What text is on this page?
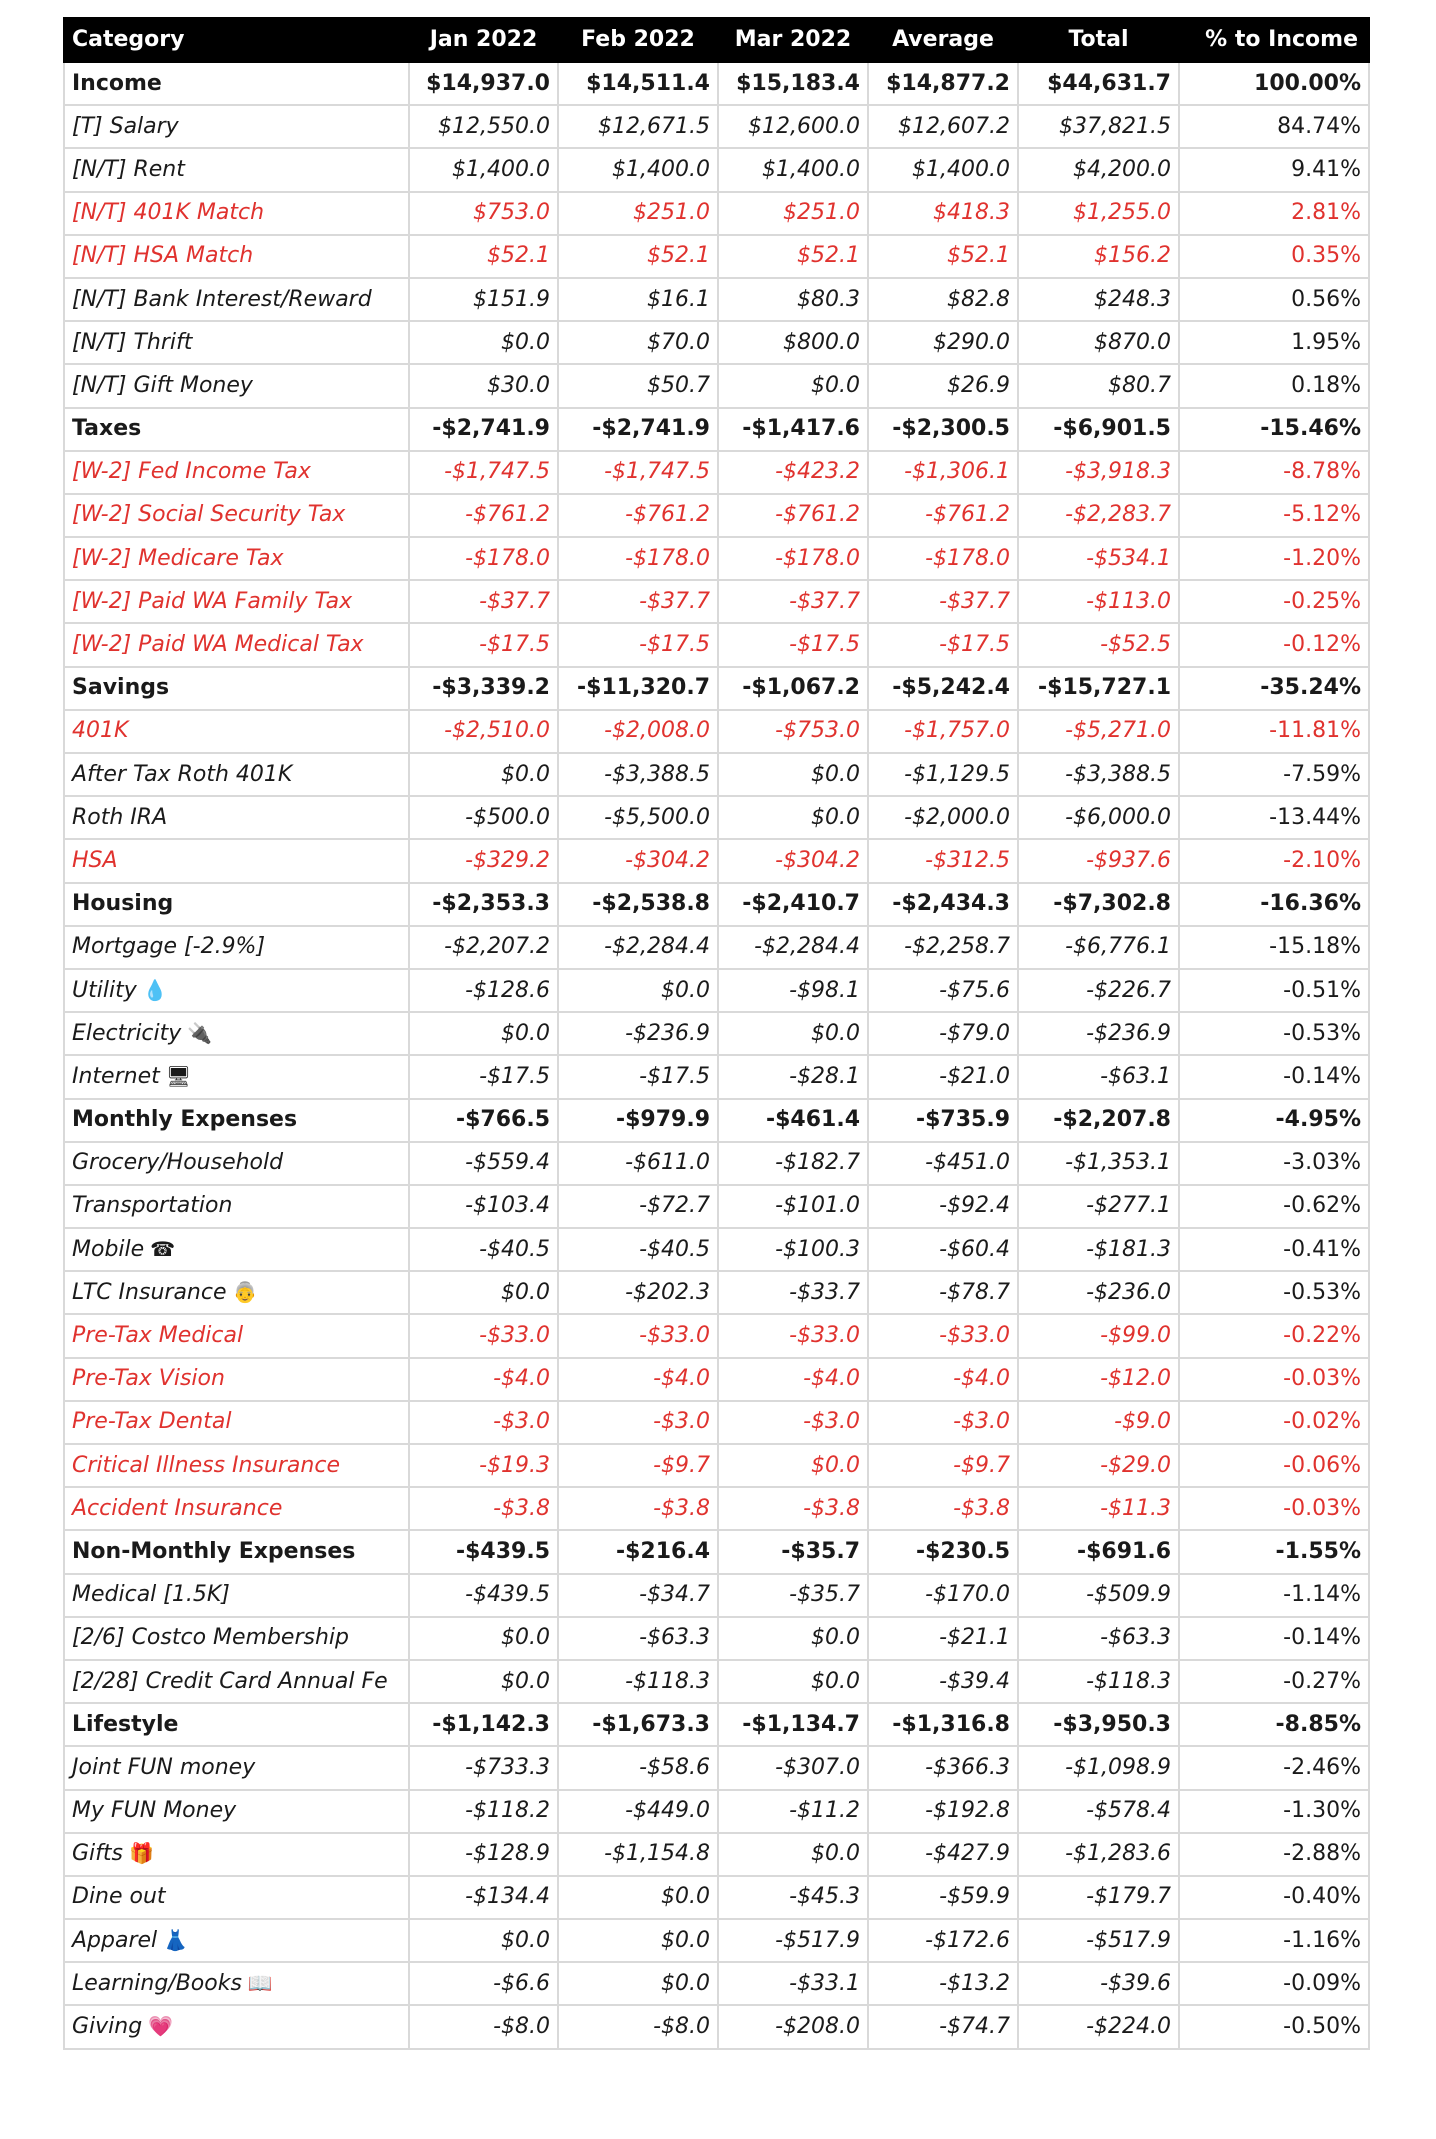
Category	Jan 2022	Feb 2022	Mar 2022	Average	Total	% to Income
Income	$14,937.0	$14,511.4	$15,183.4	$14,877.2	$44,631.7	100.00%
[T] Salary	$12,550.0	$12,671.5	$12,600.0	$12,607.2	$37,821.5	84.74%
[N/T] Rent	$1,400.0	$1,400.0	$1,400.0	$1,400.0	$4,200.0	9.41%
[N/T] 401K Match	$753.0	$251.0	$251.0	$418.3	$1,255.0	2.81%
[N/T] HSA Match	$52.1	$52.1	$52.1	$52.1	$156.2	0.35%
[N/T] Bank Interest/Reward	$151.9	$16.1	$80.3	$82.8	$248.3	0.56%
[N/T] Thrift	$0.0	$70.0	$800.0	$290.0	$870.0	1.95%
[N/T] Gift Money	$30.0	$50.7	$0.0	$26.9	$80.7	0.18%
Taxes	-$2,741.9	-$2,741.9	-$1,417.6	-$2,300.5	-$6,901.5	-15.46%
[W-2] Fed Income Tax	-$1,747.5	-$1,747.5	-$423.2	-$1,306.1	-$3,918.3	-8.78%
[W-2] Social Security Tax	-$761.2	-$761.2	-$761.2	-$761.2	-$2,283.7	-5.12%
[W-2] Medicare Tax	-$178.0	-$178.0	-$178.0	-$178.0	-$534.1	-1.20%
[W-2] Paid WA Family Tax	-$37.7	-$37.7	-$37.7	-$37.7	-$113.0	-0.25%
[W-2] Paid WA Medical Tax	-$17.5	-$17.5	-$17.5	-$17.5	-$52.5	-0.12%
Savings	-$3,339.2	-$11,320.7	-$1,067.2	-$5,242.4	-$15,727.1	-35.24%
401K	-$2,510.0	-$2,008.0	-$753.0	-$1,757.0	-$5,271.0	-11.81%
After Tax Roth 401K	$0.0	-$3,388.5	$0.0	-$1,129.5	-$3,388.5	-7.59%
Roth IRA	-$500.0	-$5,500.0	$0.0	-$2,000.0	-$6,000.0	-13.44%
HSA	-$329.2	-$304.2	-$304.2	-$312.5	-$937.6	-2.10%
Housing	-$2,353.3	-$2,538.8	-$2,410.7	-$2,434.3	-$7,302.8	-16.36%
Mortgage [-2.9%]	-$2,207.2	-$2,284.4	-$2,284.4	-$2,258.7	-$6,776.1	-15.18%
Utility 💧	-$128.6	$0.0	-$98.1	-$75.6	-$226.7	-0.51%
Electricity 🔌	$0.0	-$236.9	$0.0	-$79.0	-$236.9	-0.53%
Internet 🖥	-$17.5	-$17.5	-$28.1	-$21.0	-$63.1	-0.14%
Monthly Expenses	-$766.5	-$979.9	-$461.4	-$735.9	-$2,207.8	-4.95%
Grocery/Household	-$559.4	-$611.0	-$182.7	-$451.0	-$1,353.1	-3.03%
Transportation	-$103.4	-$72.7	-$101.0	-$92.4	-$277.1	-0.62%
Mobile ☎	-$40.5	-$40.5	-$100.3	-$60.4	-$181.3	-0.41%
LTC Insurance 👵	$0.0	-$202.3	-$33.7	-$78.7	-$236.0	-0.53%
Pre-Tax Medical	-$33.0	-$33.0	-$33.0	-$33.0	-$99.0	-0.22%
Pre-Tax Vision	-$4.0	-$4.0	-$4.0	-$4.0	-$12.0	-0.03%
Pre-Tax Dental	-$3.0	-$3.0	-$3.0	-$3.0	-$9.0	-0.02%
Critical Illness Insurance	-$19.3	-$9.7	$0.0	-$9.7	-$29.0	-0.06%
Accident Insurance	-$3.8	-$3.8	-$3.8	-$3.8	-$11.3	-0.03%
Non-Monthly Expenses	-$439.5	-$216.4	-$35.7	-$230.5	-$691.6	-1.55%
Medical [1.5K]	-$439.5	-$34.7	-$35.7	-$170.0	-$509.9	-1.14%
[2/6] Costco Membership	$0.0	-$63.3	$0.0	-$21.1	-$63.3	-0.14%
[2/28] Credit Card Annual Fe	$0.0	-$118.3	$0.0	-$39.4	-$118.3	-0.27%
Lifestyle	-$1,142.3	-$1,673.3	-$1,134.7	-$1,316.8	-$3,950.3	-8.85%
Joint FUN money	-$733.3	-$58.6	-$307.0	-$366.3	-$1,098.9	-2.46%
My FUN Money	-$118.2	-$449.0	-$11.2	-$192.8	-$578.4	-1.30%
Gifts 🎁	-$128.9	-$1,154.8	$0.0	-$427.9	-$1,283.6	-2.88%
Dine out	-$134.4	$0.0	-$45.3	-$59.9	-$179.7	-0.40%
Apparel 👗	$0.0	$0.0	-$517.9	-$172.6	-$517.9	-1.16%
Learning/Books 📖	-$6.6	$0.0	-$33.1	-$13.2	-$39.6	-0.09%
Giving 💗	-$8.0	-$8.0	-$208.0	-$74.7	-$224.0	-0.50%
